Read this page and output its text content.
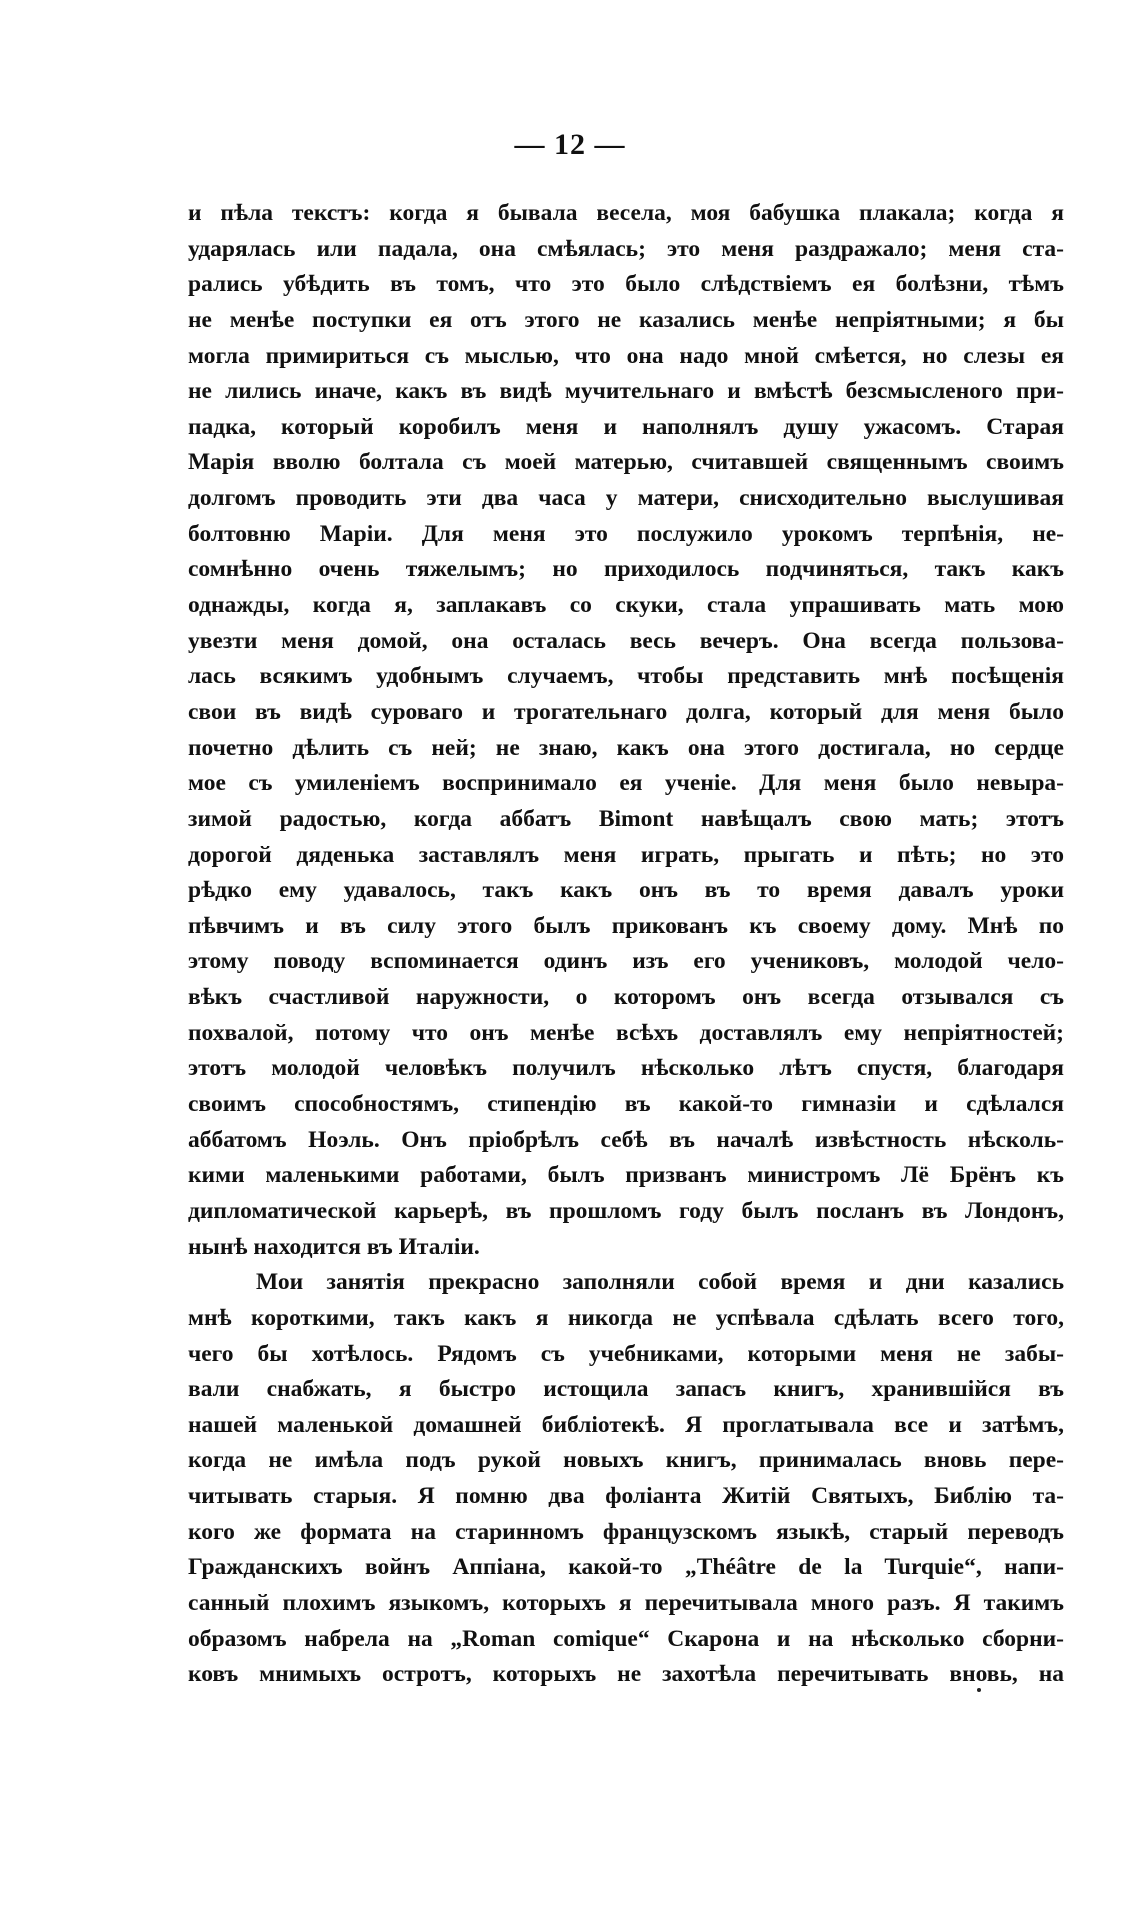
— 12 —
и пѣла текстъ: когда я бывала весела, моя бабушка плакала; когда я
ударялась или падала, она смѣялась; это меня раздражало; меня ста-
рались убѣдить въ томъ, что это было слѣдствіемъ ея болѣзни, тѣмъ
не менѣе поступки ея отъ этого не казались менѣе непріятными; я бы
могла примириться съ мыслью, что она надо мной смѣется, но слезы ея
не лились иначе, какъ въ видѣ мучительнаго и вмѣстѣ безсмысленого при-
падка, который коробилъ меня и наполнялъ душу ужасомъ. Старая
Марія вволю болтала съ моей матерью, считавшей священнымъ своимъ
долгомъ проводить эти два часа у матери, снисходительно выслушивая
болтовню Маріи. Для меня это послужило урокомъ терпѣнія, не-
сомнѣнно очень тяжелымъ; но приходилось подчиняться, такъ какъ
однажды, когда я, заплакавъ со скуки, стала упрашивать мать мою
увезти меня домой, она осталась весь вечеръ. Она всегда пользова-
лась всякимъ удобнымъ случаемъ, чтобы представить мнѣ посѣщенія
свои въ видѣ суроваго и трогательнаго долга, который для меня было
почетно дѣлить съ ней; не знаю, какъ она этого достигала, но сердце
мое съ умиленіемъ воспринимало ея ученіе. Для меня было невыра-
зимой радостью, когда аббатъ Bimont навѣщалъ свою мать; этотъ
дорогой дяденька заставлялъ меня играть, прыгать и пѣть; но это
рѣдко ему удавалось, такъ какъ онъ въ то время давалъ уроки
пѣвчимъ и въ силу этого былъ прикованъ къ своему дому. Мнѣ по
этому поводу вспоминается одинъ изъ его учениковъ, молодой чело-
вѣкъ счастливой наружности, о которомъ онъ всегда отзывался съ
похвалой, потому что онъ менѣе всѣхъ доставлялъ ему непріятностей;
этотъ молодой человѣкъ получилъ нѣсколько лѣтъ спустя, благодаря
своимъ способностямъ, стипендію въ какой-то гимназіи и сдѣлался
аббатомъ Ноэль. Онъ пріобрѣлъ себѣ въ началѣ извѣстность нѣсколь-
кими маленькими работами, былъ призванъ министромъ Лё Брёнъ къ
дипломатической карьерѣ, въ прошломъ году былъ посланъ въ Лондонъ,
нынѣ находится въ Италіи.
Мои занятія прекрасно заполняли собой время и дни казались
мнѣ короткими, такъ какъ я никогда не успѣвала сдѣлать всего того,
чего бы хотѣлось. Рядомъ съ учебниками, которыми меня не забы-
вали снабжать, я быстро истощила запасъ книгъ, хранившійся въ
нашей маленькой домашней библіотекѣ. Я проглатывала все и затѣмъ,
когда не имѣла подъ рукой новыхъ книгъ, принималась вновь пере-
читывать старыя. Я помню два фоліанта Житій Святыхъ, Библію та-
кого же формата на старинномъ французскомъ языкѣ, старый переводъ
Гражданскихъ войнъ Аппіана, какой-то „Théâtre de la Turquie“, напи-
санный плохимъ языкомъ, которыхъ я перечитывала много разъ. Я такимъ
образомъ набрела на „Roman comique“ Скарона и на нѣсколько сборни-
ковъ мнимыхъ остротъ, которыхъ не захотѣла перечитывать вновь, на
